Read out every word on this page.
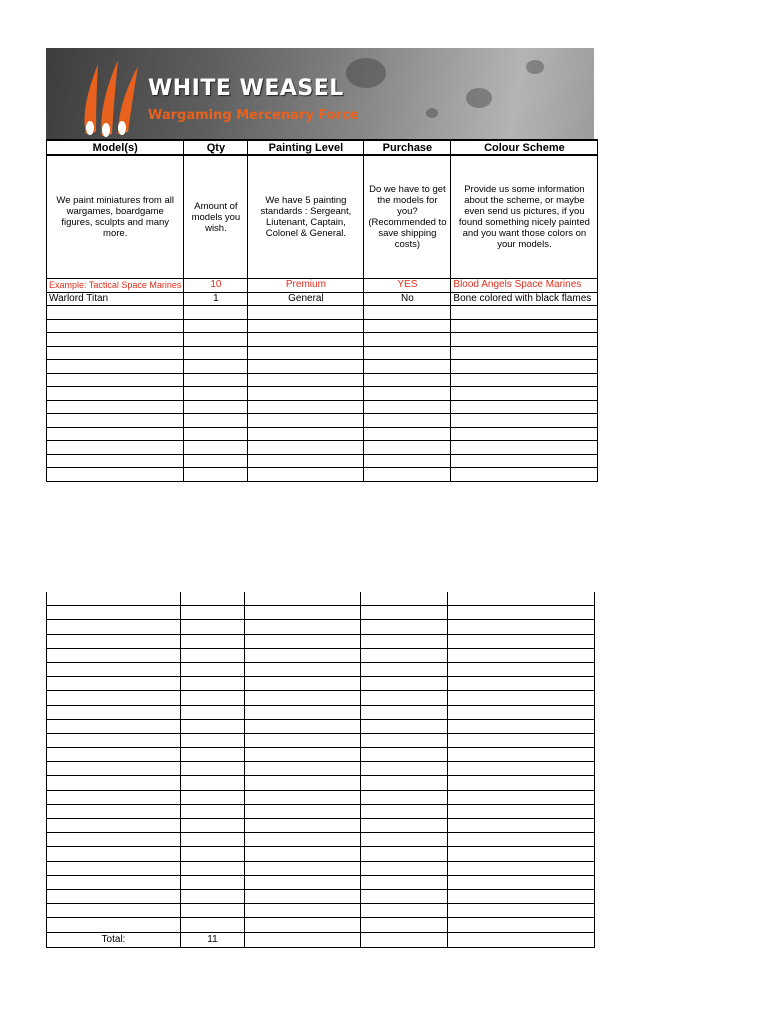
WHITE WEASEL
Wargaming Mercenary Force
Model(s)	Qty	Painting Level	Purchase	Colour Scheme
We paint miniatures from all wargames, boardgame figures, sculpts and many more.	Amount of models you wish.	We have 5 painting standards : Sergeant, Liutenant, Captain, Colonel & General.	Do we have to get the models for you? (Recommended to save shipping costs)	Provide us some information about the scheme, or maybe even send us pictures, if you found something nicely painted and you want those colors on your models.
Example: Tactical Space Marines	10	Premium	YES	Blood Angels Space Marines
Warlord Titan	1	General	No	Bone colored with black flames

Total:	11			
